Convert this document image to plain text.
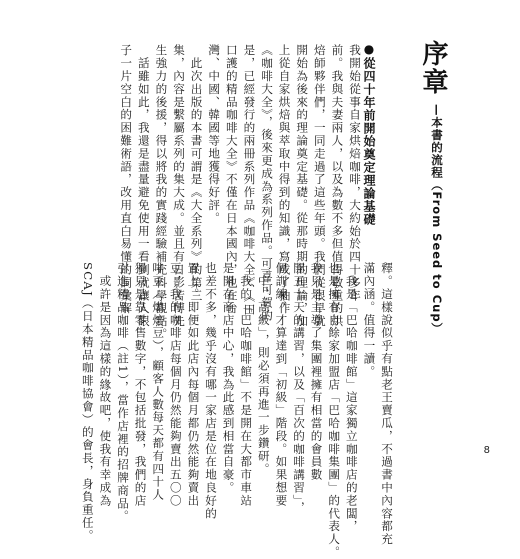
序章
—本書的流程（From Seed to Cup）
●從四十年前開始奠定理論基礎
我開始從事自家烘焙咖啡，大約始於四十多年
前。我與夫妻兩人，以及為數不多但值得敬重的烘
焙師夥伴們，一同走過了這些年頭。我們從很早就
開始為後來的理論奠定基礎。從那時期的理論，加
上從自家烘焙與萃取中得到的知識，寫成了抽作
《咖啡大全》，後來更成為系列作品。可喜可賀的
是，已經發行的兩冊系列作品《咖啡大全》、《田
口護的精品咖啡大全》不僅在日本國內，也在台
灣、中國、韓國等地獲得好評。
　此次出版的本書可謂是《大全系列》的第三
集，內容是繫屬系列的集大成。並且有日影苦博先
生強力的後援，得以將我的實踐經驗補充科學觀點。
　話雖如此，我還是盡量避免使用一看到就讓人眼
子一片空白的困難術語，改用直白易懂的詞彙解
釋。這樣說似乎有點老王賣瓜，不過書中內容都充
滿內涵。值得一讀。
　我是「巴哈咖啡館」這家獨立咖啡店的老闆，
也是擁有自餘家加盟店「巴哈咖啡集團」的代表人。
我只是主導了集團裡擁有相當的會員數
開五十天的講習，以及「百次的咖啡講習」，
個訓練。才算達到「初級」階段。如果想要
「中、高級」，則必須再進一步鑽研。
　我的「巴哈咖啡館」不是開在大都市車站
是開在商店中心，我為此感到相當自豪。
也差不多，幾乎沒有哪一家店是位在地良好的
置上。即便如此店內每個月都仍然能夠賣出
豆，我的咖啡店每個月仍然能夠賣出五〇〇
啡豆（烘焙豆），顧客人數每天都有四十人
獨只是靠零售數字，不包括批發，我們的店
引進精品咖啡（註1），當作店裡的招牌商品。
　或許是因為這樣的緣故吧，使我有幸成為
SCAJ（日本精品咖啡協會）的會長，身負重任。	8
